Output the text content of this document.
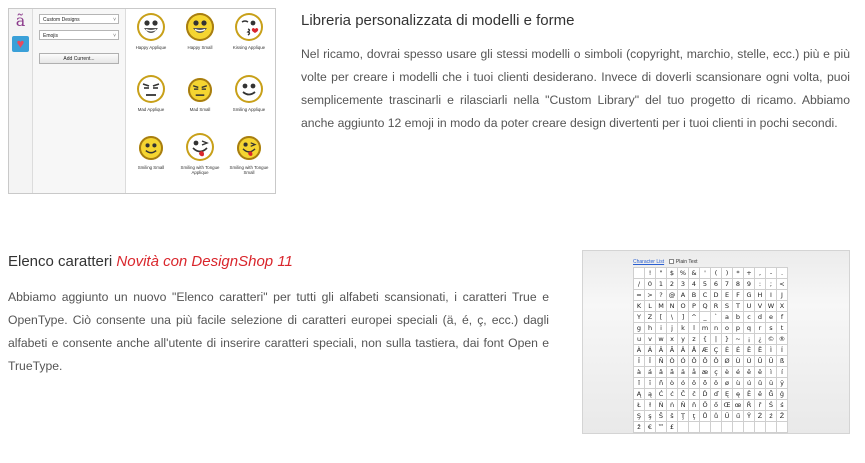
ã
♥
Custom Designs	˅
Emojis	˅
Add Current...
Happy Applique	Happy Small	Kissing Applique
Mad Applique	Mad Small	Smiling Applique
Smiling Small	Smiling with Tongue Applique
Smiling with Tongue Small
Libreria personalizzata di modelli e forme

Nel ricamo, dovrai spesso usare gli stessi modelli o simboli (copyright, marchio, stelle, ecc.) più e più volte per creare i modelli che i tuoi clienti desiderano. Invece di doverli scansionare ogni volta, puoi semplicemente trascinarli e rilasciarli nella "Custom Library" del tuo progetto di ricamo. Abbiamo anche aggiunto 12 emoji in modo da poter creare design divertenti per i tuoi clienti in pochi secondi.

Elenco caratteri Novità con DesignShop 11

Abbiamo aggiunto un nuovo "Elenco caratteri" per tutti gli alfabeti scansionati, i caratteri True e OpenType. Ciò consente una più facile selezione di caratteri europei speciali (ä, é, ç, ecc.) dagli alfabeti e consente anche all'utente di inserire caratteri speciali, non sulla tastiera, dai font Open e TrueType.

Character List Plain Text
	!	"	$	%	&	'	(	)	*	+	,	-	.
/	0	1	2	3	4	5	6	7	8	9	:	;	<
=	>	?	@	A	B	C	D	E	F	G	H	I	J
K	L	M	N	O	P	Q	R	S	T	U	V	W	X
Y	Z	[	\	]	^	_	`	a	b	c	d	e	f
g	h	i	j	k	l	m	n	o	p	q	r	s	t
u	v	w	x	y	z	{	|	}	~	¡	¿	©	®
À	Á	Â	Ã	Ä	Å	Æ	Ç	È	É	Ê	Ë	Ì	Í
Î	Ï	Ñ	Ò	Ó	Ô	Õ	Ö	Ø	Ù	Ú	Û	Ü	ß
à	á	â	ã	ä	å	æ	ç	è	é	ê	ë	ì	í
î	ï	ñ	ò	ó	ô	õ	ö	ø	ù	ú	û	ü	ÿ
Ą	ą	Ć	ć	Č	č	Ď	ď	Ę	ę	Ě	ě	Ğ	ğ
Ł	ł	Ń	ń	Ň	ň	Ő	ő	Œ	œ	Ř	ř	Ś	ś
Ş	ş	Š	š	Ţ	ţ	Ů	ů	Ű	ű	Ÿ	Ź	ź	Ž
ž	€	™	£										
